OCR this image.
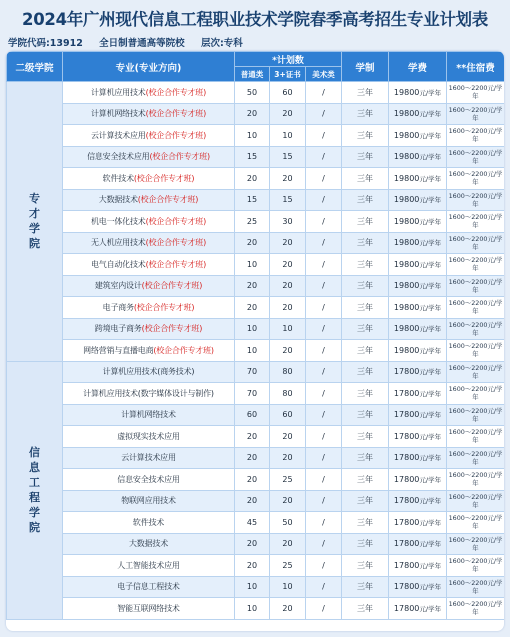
2024年广州现代信息工程职业技术学院春季高考招生专业计划表
学院代码:13912 全日制普通高等院校 层次:专科
二级学院	专业(专业方向)	*计划数			学制	学费	**住宿费
		普通类	3+证书	美术类			
专才学院	计算机应用技术(校企合作专才班)	50	60	/	三年	19800元/学年	1600～2200元/学年
	计算机网络技术(校企合作专才班)	20	20	/	三年	19800元/学年	1600～2200元/学年
	云计算技术应用(校企合作专才班)	10	10	/	三年	19800元/学年	1600～2200元/学年
	信息安全技术应用(校企合作专才班)	15	15	/	三年	19800元/学年	1600～2200元/学年
	软件技术(校企合作专才班)	20	20	/	三年	19800元/学年	1600～2200元/学年
	大数据技术(校企合作专才班)	15	15	/	三年	19800元/学年	1600～2200元/学年
	机电一体化技术(校企合作专才班)	25	30	/	三年	19800元/学年	1600～2200元/学年
	无人机应用技术(校企合作专才班)	20	20	/	三年	19800元/学年	1600～2200元/学年
	电气自动化技术(校企合作专才班)	10	20	/	三年	19800元/学年	1600～2200元/学年
	建筑室内设计(校企合作专才班)	20	20	/	三年	19800元/学年	1600～2200元/学年
	电子商务(校企合作专才班)	20	20	/	三年	19800元/学年	1600～2200元/学年
	跨境电子商务(校企合作专才班)	10	10	/	三年	19800元/学年	1600～2200元/学年
	网络营销与直播电商(校企合作专才班)	10	20	/	三年	19800元/学年	1600～2200元/学年
信息工程学院	计算机应用技术(商务技术)	70	80	/	三年	17800元/学年	1600～2200元/学年
	计算机应用技术(数字媒体设计与制作)	70	80	/	三年	17800元/学年	1600～2200元/学年
	计算机网络技术	60	60	/	三年	17800元/学年	1600～2200元/学年
	虚拟现实技术应用	20	20	/	三年	17800元/学年	1600～2200元/学年
	云计算技术应用	20	20	/	三年	17800元/学年	1600～2200元/学年
	信息安全技术应用	20	25	/	三年	17800元/学年	1600～2200元/学年
	物联网应用技术	20	20	/	三年	17800元/学年	1600～2200元/学年
	软件技术	45	50	/	三年	17800元/学年	1600～2200元/学年
	大数据技术	20	20	/	三年	17800元/学年	1600～2200元/学年
	人工智能技术应用	20	25	/	三年	17800元/学年	1600～2200元/学年
	电子信息工程技术	10	10	/	三年	17800元/学年	1600～2200元/学年
	智能互联网络技术	10	20	/	三年	17800元/学年	1600～2200元/学年
